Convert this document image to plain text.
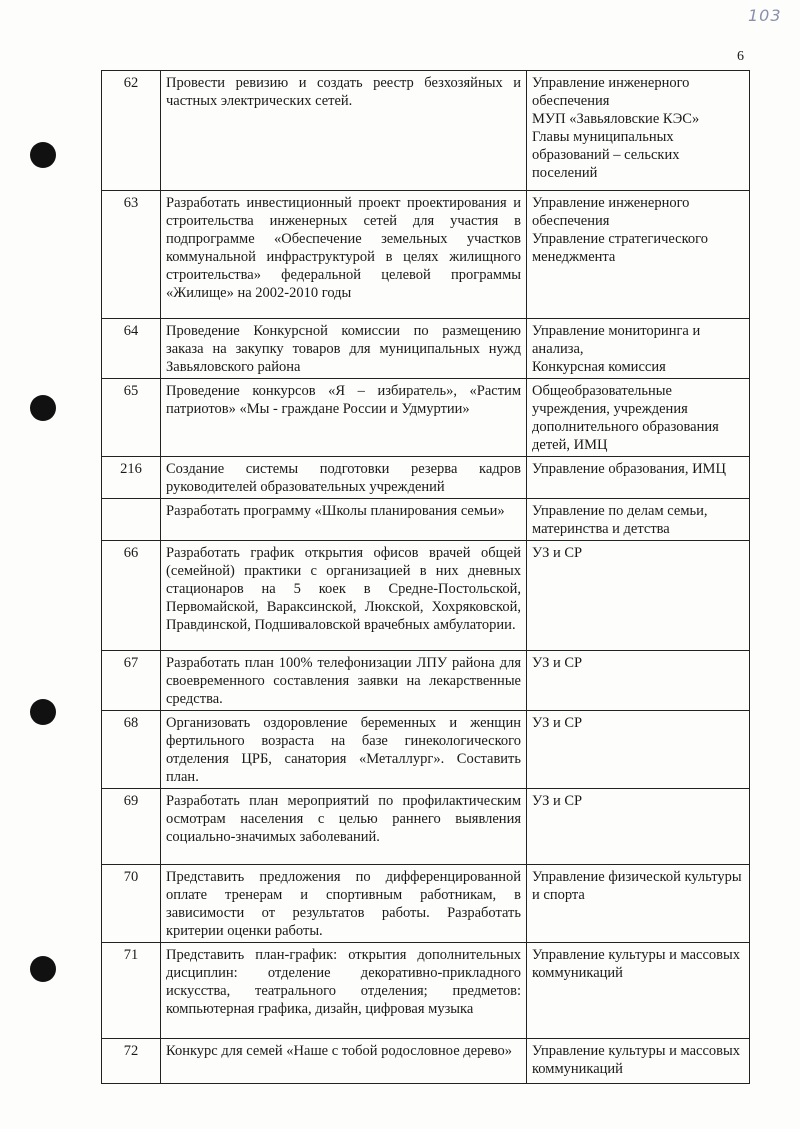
103
6
62	Провести ревизию и создать реестр безхозяйных и частных электрических сетей.	Управление инженерного обеспечения
МУП «Завьяловские КЭС»
Главы муниципальных образований – сельских поселений

63	Разработать инвестиционный проект проектирования и строительства инженерных сетей для участия в подпрограмме «Обеспечение земельных участков коммунальной инфраструктурой в целях жилищного строительства» федеральной целевой программы «Жилище» на 2002-2010 годы	Управление инженерного обеспечения
Управление стратегического менеджмента

64	Проведение Конкурсной комиссии по размещению заказа на закупку товаров для муниципальных нужд Завьяловского района	Управление мониторинга и анализа,
Конкурсная комиссия

65	Проведение конкурсов «Я – избиратель», «Растим патриотов» «Мы - граждане России и Удмуртии»	Общеобразовательные учреждения, учреждения дополнительного образования детей, ИМЦ

216	Создание системы подготовки резерва кадров руководителей образовательных учреждений	Управление образования, ИМЦ

	Разработать программу «Школы планирования семьи»	Управление по делам семьи, материнства и детства

66	Разработать график открытия офисов врачей общей (семейной) практики с организацией в них дневных стационаров на 5 коек в Средне-Постольской, Первомайской, Вараксинской, Люкской, Хохряковской, Правдинской, Подшиваловской врачебных амбулатории.	УЗ и СР

67	Разработать план 100% телефонизации ЛПУ района для своевременного составления заявки на лекарственные средства.	УЗ и СР

68	Организовать оздоровление беременных и женщин фертильного возраста на базе гинекологического отделения ЦРБ, санатория «Металлург». Составить план.	УЗ и СР

69	Разработать план мероприятий по профилактическим осмотрам населения с целью раннего выявления социально-значимых заболеваний.	УЗ и СР

70	Представить предложения по дифференцированной оплате тренерам и спортивным работникам, в зависимости от результатов работы. Разработать критерии оценки работы.	Управление физической культуры и спорта

71	Представить план-график: открытия дополнительных дисциплин: отделение декоративно-прикладного искусства, театрального отделения; предметов: компьютерная графика, дизайн, цифровая музыка	Управление культуры и массовых коммуникаций

72	Конкурс для семей «Наше с тобой родословное дерево»	Управление культуры и массовых коммуникаций
